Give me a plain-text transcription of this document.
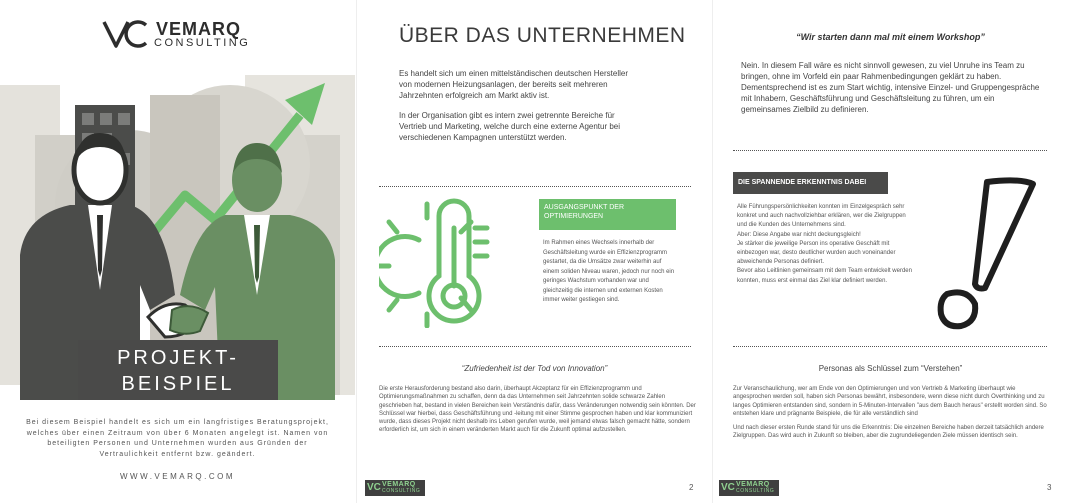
VEMARQ
CONSULTING
PROJEKT-
BEISPIEL
Bei diesem Beispiel handelt es sich um ein langfristiges Beratungsprojekt, welches über einen Zeitraum von über 6 Monaten angelegt ist. Namen von beteiligten Personen und Unternehmen wurden aus Gründen der Vertraulichkeit entfernt bzw. geändert.
WWW.VEMARQ.COM
ÜBER DAS UNTERNEHMEN

Es handelt sich um einen mittelständischen deutschen Hersteller von modernen Heizungsanlagen, der bereits seit mehreren Jahrzehnten erfolgreich am Markt aktiv ist.

In der Organisation gibt es intern zwei getrennte Bereiche für Vertrieb und Marketing, welche durch eine externe Agentur bei verschiedenen Kampagnen unterstützt werden.

AUSGANGSPUNKT DER OPTIMIERUNGEN
Im Rahmen eines Wechsels innerhalb der Geschäftsleitung wurde ein Effizienzprogramm gestartet, da die Umsätze zwar weiterhin auf einem soliden Niveau waren, jedoch nur noch ein geringes Wachstum vorhanden war und gleichzeitig die internen und externen Kosten immer weiter gestiegen sind.
“Zufriedenheit ist der Tod von Innovation”
Die erste Herausforderung bestand also darin, überhaupt Akzeptanz für ein Effizienzprogramm und Optimierungsmaßnahmen zu schaffen, denn da das Unternehmen seit Jahrzehnten solide schwarze Zahlen geschrieben hat, bestand in vielen Bereichen kein Verständnis dafür, dass Veränderungen notwendig sein könnten. Der Schlüssel war hierbei, dass Geschäftsführung und -leitung mit einer Stimme gesprochen haben und klar kommuniziert wurde, dass dieses Projekt nicht deshalb ins Leben gerufen wurde, weil jemand etwas falsch gemacht hätte, sondern erforderlich ist, um sich in einem veränderten Markt auch für die Zukunft optimal aufzustellen.
VC VEMARQ
CONSULTING	2
“Wir starten dann mal mit einem Workshop”

Nein. In diesem Fall wäre es nicht sinnvoll gewesen, zu viel Unruhe ins Team zu bringen, ohne im Vorfeld ein paar Rahmenbedingungen geklärt zu haben.

Dementsprechend ist es zum Start wichtig, intensive Einzel- und Gruppengespräche mit Inhabern, Geschäftsführung und Geschäftsleitung zu führen, um ein gemeinsames Zielbild zu definieren.

DIE SPANNENDE ERKENNTNIS DABEI
Alle Führungspersönlichkeiten konnten im Einzelgespräch sehr konkret und auch nachvollziehbar erklären, wer die Zielgruppen und die Kunden des Unternehmens sind.
Aber: Diese Angabe war nicht deckungsgleich!
Je stärker die jeweilige Person ins operative Geschäft mit einbezogen war, desto deutlicher wurden auch voneinander abweichende Personas definiert.
Bevor also Leitlinien gemeinsam mit dem Team entwickelt werden konnten, muss erst einmal das Ziel klar definiert werden.
Personas als Schlüssel zum “Verstehen”

Zur Veranschaulichung, wer am Ende von den Optimierungen und von Vertrieb & Marketing überhaupt wie angesprochen werden soll, haben sich Personas bewährt, insbesondere, wenn diese nicht durch Overthinking und zu langes Optimieren entstanden sind, sondern in 5-Minuten-Intervallen "aus dem Bauch heraus" erstellt worden sind. So entstehen klare und prägnante Beispiele, die für alle verständlich sind

Und nach dieser ersten Runde stand für uns die Erkenntnis: Die einzelnen Bereiche haben derzeit tatsächlich andere Zielgruppen. Das wird auch in Zukunft so bleiben, aber die zugrundeliegenden Ziele müssen identisch sein.

VC VEMARQ
CONSULTING	3
